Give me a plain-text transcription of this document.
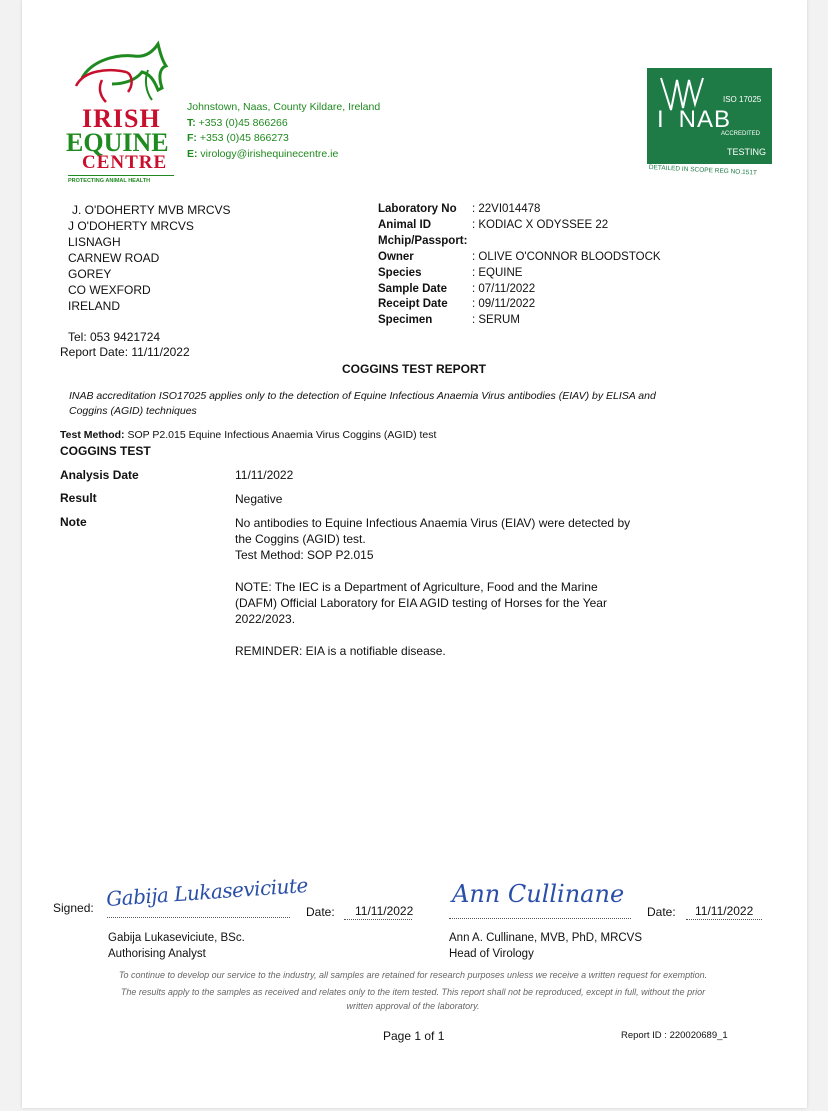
IRISH
EQUINE
CENTRE
PROTECTING ANIMAL HEALTH
Johnstown, Naas, County Kildare, Ireland
T: +353 (0)45 866266
F: +353 (0)45 866273
E: virology@irishequinecentre.ie
ISO 17025
I NAB
ACCREDITED
TESTING
DETAILED IN SCOPE REG NO.151T
J. O'DOHERTY MVB MRCVS
J O'DOHERTY MRCVS
LISNAGH
CARNEW ROAD
GOREY
CO WEXFORD
IRELAND
Tel: 053 9421724
Report Date: 11/11/2022
Laboratory No	: 22VI014478
Animal ID	: KODIAC X ODYSSEE 22
Mchip/Passport:
Owner	: OLIVE O'CONNOR BLOODSTOCK
Species	: EQUINE
Sample Date	: 07/11/2022
Receipt Date	: 09/11/2022
Specimen	: SERUM
COGGINS TEST REPORT
INAB accreditation ISO17025 applies only to the detection of Equine Infectious Anaemia Virus antibodies (EIAV) by ELISA and
Coggins (AGID) techniques
Test Method: SOP P2.015 Equine Infectious Anaemia Virus Coggins (AGID) test
COGGINS TEST
Analysis Date	11/11/2022
Result	Negative
Note	No antibodies to Equine Infectious Anaemia Virus (EIAV) were detected by
the Coggins (AGID) test.
Test Method: SOP P2.015
NOTE: The IEC is a Department of Agriculture, Food and the Marine
(DAFM) Official Laboratory for EIA AGID testing of Horses for the Year
2022/2023.
REMINDER: EIA is a notifiable disease.
Signed: Gabija Lukaseviciute
Date: 11/11/2022
Ann Cullinane
Date: 11/11/2022
Gabija Lukaseviciute, BSc.
Authorising Analyst
Ann A. Cullinane, MVB, PhD, MRCVS
Head of Virology
To continue to develop our service to the industry, all samples are retained for research purposes unless we receive a written request for exemption.
The results apply to the samples as received and relates only to the item tested. This report shall not be reproduced, except in full, without the prior
written approval of the laboratory.
Page 1 of 1	Report ID : 220020689_1
